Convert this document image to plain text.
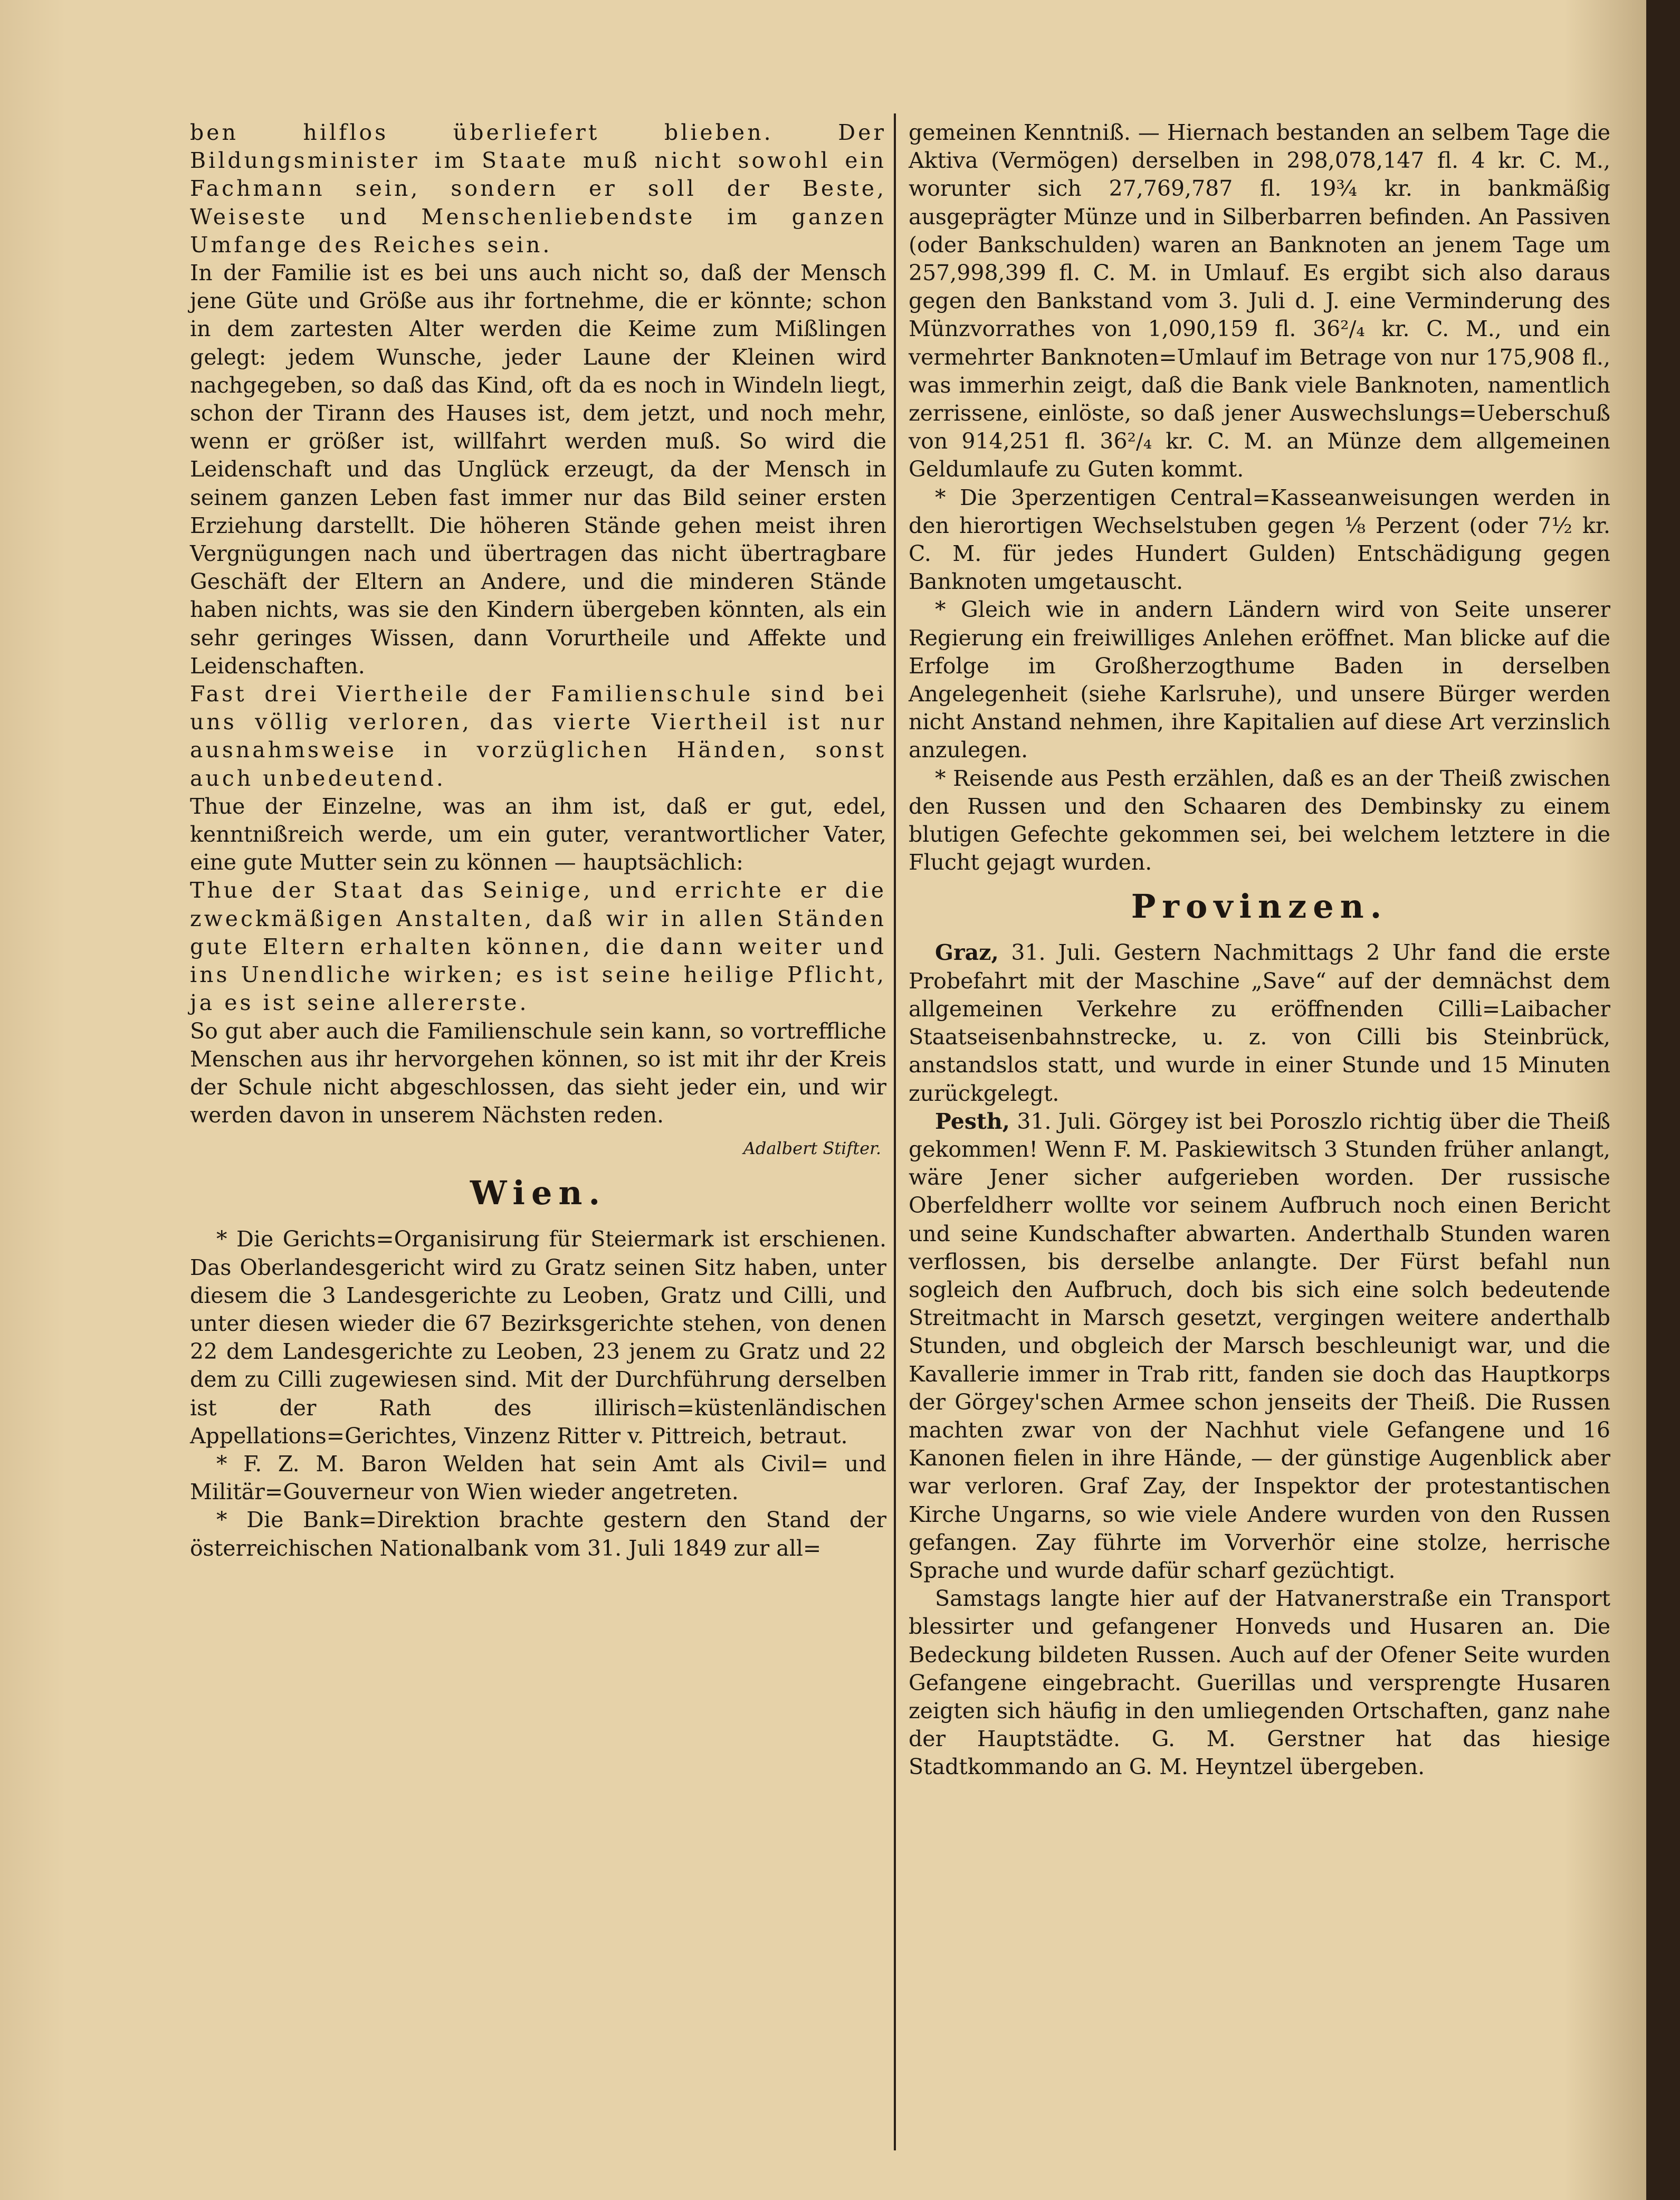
ben hilflos überliefert blieben. Der Bildungsminister im Staate muß nicht sowohl ein Fachmann sein, sondern er soll der Beste, Weiseste und Menschenliebendste im ganzen Umfange des Reiches sein.

In der Familie ist es bei uns auch nicht so, daß der Mensch jene Güte und Größe aus ihr fortnehme, die er könnte; schon in dem zartesten Alter werden die Keime zum Mißlingen gelegt: jedem Wunsche, jeder Laune der Kleinen wird nachgegeben, so daß das Kind, oft da es noch in Windeln liegt, schon der Tirann des Hauses ist, dem jetzt, und noch mehr, wenn er größer ist, willfahrt werden muß. So wird die Leidenschaft und das Unglück erzeugt, da der Mensch in seinem ganzen Leben fast immer nur das Bild seiner ersten Erziehung darstellt. Die höheren Stände gehen meist ihren Vergnügungen nach und übertragen das nicht übertragbare Geschäft der Eltern an Andere, und die minderen Stände haben nichts, was sie den Kindern übergeben könnten, als ein sehr geringes Wissen, dann Vorurtheile und Affekte und Leidenschaften.

Fast drei Viertheile der Familienschule sind bei uns völlig verloren, das vierte Viertheil ist nur ausnahmsweise in vorzüglichen Händen, sonst auch unbedeutend.

Thue der Einzelne, was an ihm ist, daß er gut, edel, kenntnißreich werde, um ein guter, verantwortlicher Vater, eine gute Mutter sein zu können — hauptsächlich:

Thue der Staat das Seinige, und errichte er die zweckmäßigen Anstalten, daß wir in allen Ständen gute Eltern erhalten können, die dann weiter und ins Unendliche wirken; es ist seine heilige Pflicht, ja es ist seine allererste.

So gut aber auch die Familienschule sein kann, so vortreffliche Menschen aus ihr hervorgehen können, so ist mit ihr der Kreis der Schule nicht abgeschlossen, das sieht jeder ein, und wir werden davon in unserem Nächsten reden.

Adalbert Stifter.
Wien.

* Die Gerichts=Organisirung für Steiermark ist erschienen. Das Oberlandesgericht wird zu Gratz seinen Sitz haben, unter diesem die 3 Landesgerichte zu Leoben, Gratz und Cilli, und unter diesen wieder die 67 Bezirksgerichte stehen, von denen 22 dem Landesgerichte zu Leoben, 23 jenem zu Gratz und 22 dem zu Cilli zugewiesen sind. Mit der Durchführung derselben ist der Rath des illirisch=küstenländischen Appellations=Gerichtes, Vinzenz Ritter v. Pittreich, betraut.

* F. Z. M. Baron Welden hat sein Amt als Civil= und Militär=Gouverneur von Wien wieder angetreten.

* Die Bank=Direktion brachte gestern den Stand der österreichischen Nationalbank vom 31. Juli 1849 zur all=

gemeinen Kenntniß. — Hiernach bestanden an selbem Tage die Aktiva (Vermögen) derselben in 298,078,147 fl. 4 kr. C. M., worunter sich 27,769,787 fl. 19¾ kr. in bankmäßig ausgeprägter Münze und in Silberbarren befinden. An Passiven (oder Bankschulden) waren an Banknoten an jenem Tage um 257,998,399 fl. C. M. in Umlauf. Es ergibt sich also daraus gegen den Bankstand vom 3. Juli d. J. eine Verminderung des Münzvorrathes von 1,090,159 fl. 36²/₄ kr. C. M., und ein vermehrter Banknoten=Umlauf im Betrage von nur 175,908 fl., was immerhin zeigt, daß die Bank viele Banknoten, namentlich zerrissene, einlöste, so daß jener Auswechslungs=Ueberschuß von 914,251 fl. 36²/₄ kr. C. M. an Münze dem allgemeinen Geldumlaufe zu Guten kommt.

* Die 3perzentigen Central=Kasseanweisungen werden in den hierortigen Wechselstuben gegen ⅛ Perzent (oder 7½ kr. C. M. für jedes Hundert Gulden) Entschädigung gegen Banknoten umgetauscht.

* Gleich wie in andern Ländern wird von Seite unserer Regierung ein freiwilliges Anlehen eröffnet. Man blicke auf die Erfolge im Großherzogthume Baden in derselben Angelegenheit (siehe Karlsruhe), und unsere Bürger werden nicht Anstand nehmen, ihre Kapitalien auf diese Art verzinslich anzulegen.

* Reisende aus Pesth erzählen, daß es an der Theiß zwischen den Russen und den Schaaren des Dembinsky zu einem blutigen Gefechte gekommen sei, bei welchem letztere in die Flucht gejagt wurden.

Provinzen.

Graz, 31. Juli. Gestern Nachmittags 2 Uhr fand die erste Probefahrt mit der Maschine „Save“ auf der demnächst dem allgemeinen Verkehre zu eröffnenden Cilli=Laibacher Staatseisenbahnstrecke, u. z. von Cilli bis Steinbrück, anstandslos statt, und wurde in einer Stunde und 15 Minuten zurückgelegt.

Pesth, 31. Juli. Görgey ist bei Poroszlo richtig über die Theiß gekommen! Wenn F. M. Paskiewitsch 3 Stunden früher anlangt, wäre Jener sicher aufgerieben worden. Der russische Oberfeldherr wollte vor seinem Aufbruch noch einen Bericht und seine Kundschafter abwarten. Anderthalb Stunden waren verflossen, bis derselbe anlangte. Der Fürst befahl nun sogleich den Aufbruch, doch bis sich eine solch bedeutende Streitmacht in Marsch gesetzt, vergingen weitere anderthalb Stunden, und obgleich der Marsch beschleunigt war, und die Kavallerie immer in Trab ritt, fanden sie doch das Hauptkorps der Görgey'schen Armee schon jenseits der Theiß. Die Russen machten zwar von der Nachhut viele Gefangene und 16 Kanonen fielen in ihre Hände, — der günstige Augenblick aber war verloren. Graf Zay, der Inspektor der protestantischen Kirche Ungarns, so wie viele Andere wurden von den Russen gefangen. Zay führte im Vorverhör eine stolze, herrische Sprache und wurde dafür scharf gezüchtigt.

Samstags langte hier auf der Hatvanerstraße ein Transport blessirter und gefangener Honveds und Husaren an. Die Bedeckung bildeten Russen. Auch auf der Ofener Seite wurden Gefangene eingebracht. Guerillas und versprengte Husaren zeigten sich häufig in den umliegenden Ortschaften, ganz nahe der Hauptstädte. G. M. Gerstner hat das hiesige Stadtkommando an G. M. Heyntzel übergeben.
